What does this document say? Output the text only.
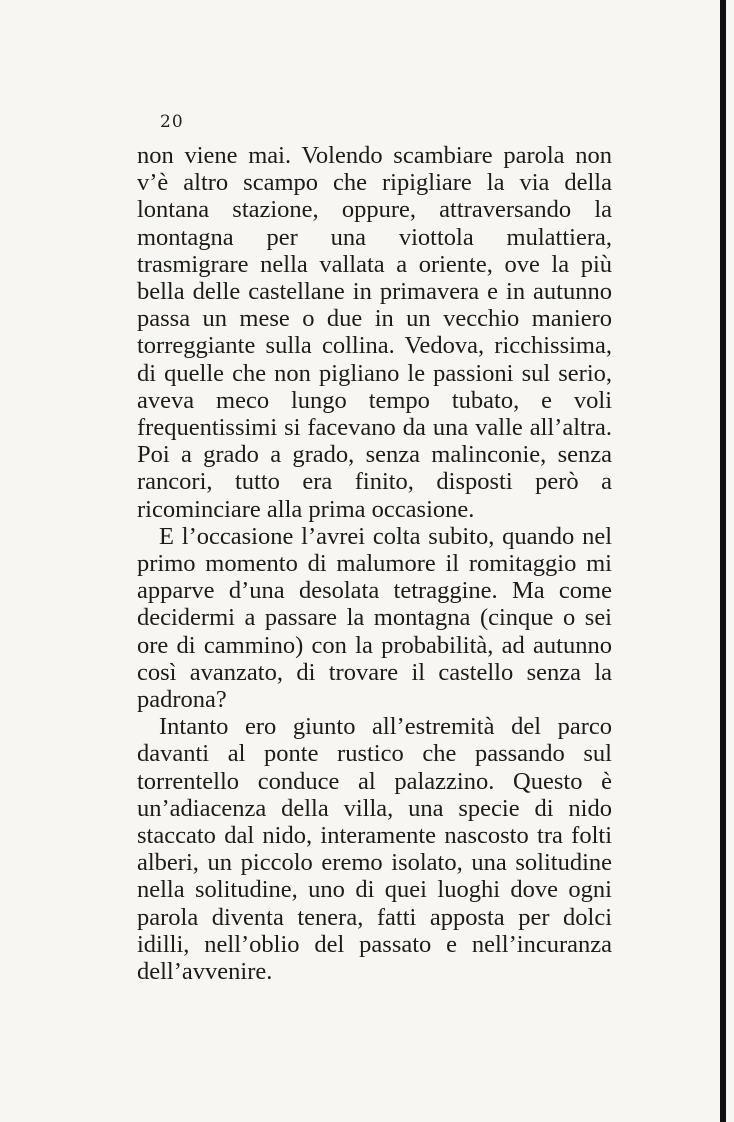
20

non viene mai. Volendo scambiare parola non v’è altro scampo che ripigliare la via della lontana stazione, oppure, attraversando la montagna per una viottola mulattiera, trasmigrare nella vallata a oriente, ove la più bella delle castellane in primavera e in autunno passa un mese o due in un vecchio maniero torreggiante sulla collina. Vedova, ricchissima, di quelle che non pigliano le passioni sul serio, aveva meco lungo tempo tubato, e voli frequentissimi si facevano da una valle all’altra. Poi a grado a grado, senza malinconie, senza rancori, tutto era finito, disposti però a ricominciare alla prima occasione.

E l’occasione l’avrei colta subito, quando nel primo momento di malumore il romitaggio mi apparve d’una desolata tetraggine. Ma come decidermi a passare la montagna (cinque o sei ore di cammino) con la probabilità, ad autunno così avanzato, di trovare il castello senza la padrona?

Intanto ero giunto all’estremità del parco davanti al ponte rustico che passando sul torrentello conduce al palazzino. Questo è un’adiacenza della villa, una specie di nido staccato dal nido, interamente nascosto tra folti alberi, un piccolo eremo isolato, una solitudine nella solitudine, uno di quei luoghi dove ogni parola diventa tenera, fatti apposta per dolci idilli, nell’oblio del passato e nell’incuranza dell’avvenire.
